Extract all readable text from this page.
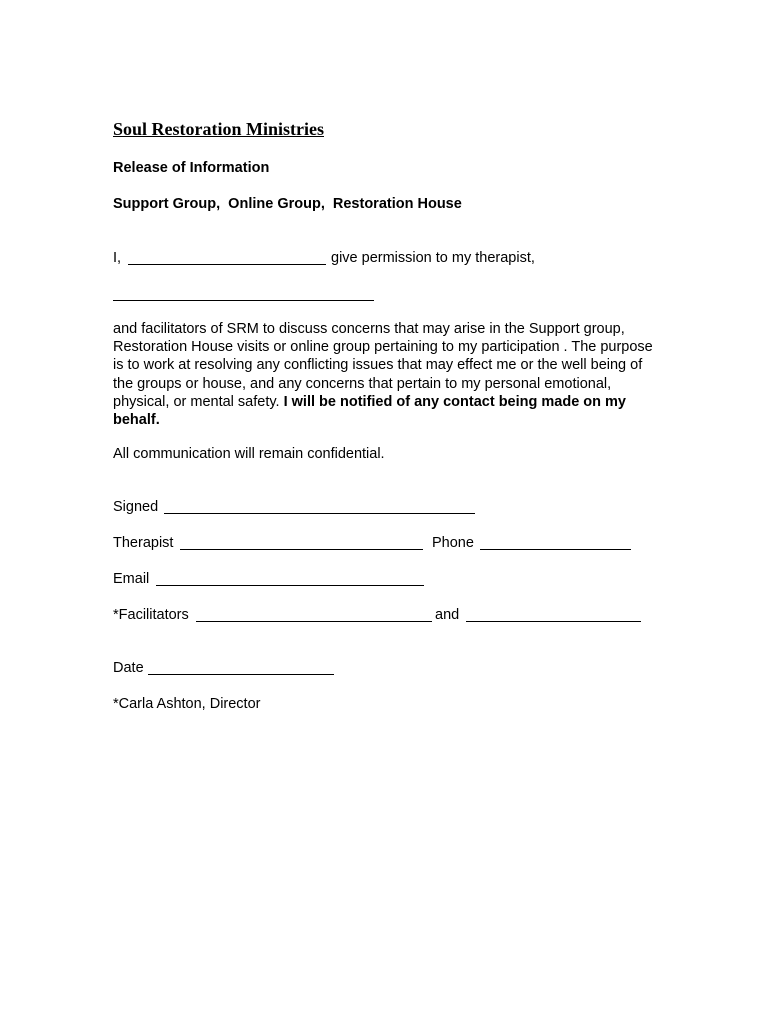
Soul Restoration Ministries
Release of Information
Support Group,  Online Group,  Restoration House
I,	give permission to my therapist,
and facilitators of SRM to discuss concerns that may arise in the Support group, Restoration House visits or online group pertaining to my participation . The purpose is to work at resolving any conflicting issues that may effect me or the well being of the groups or house, and any concerns that pertain to my personal emotional, physical, or mental safety. I will be notified of any contact being made on my behalf.
All communication will remain confidential.
Signed
Therapist	Phone
Email
*Facilitators	and
Date
*Carla Ashton, Director
